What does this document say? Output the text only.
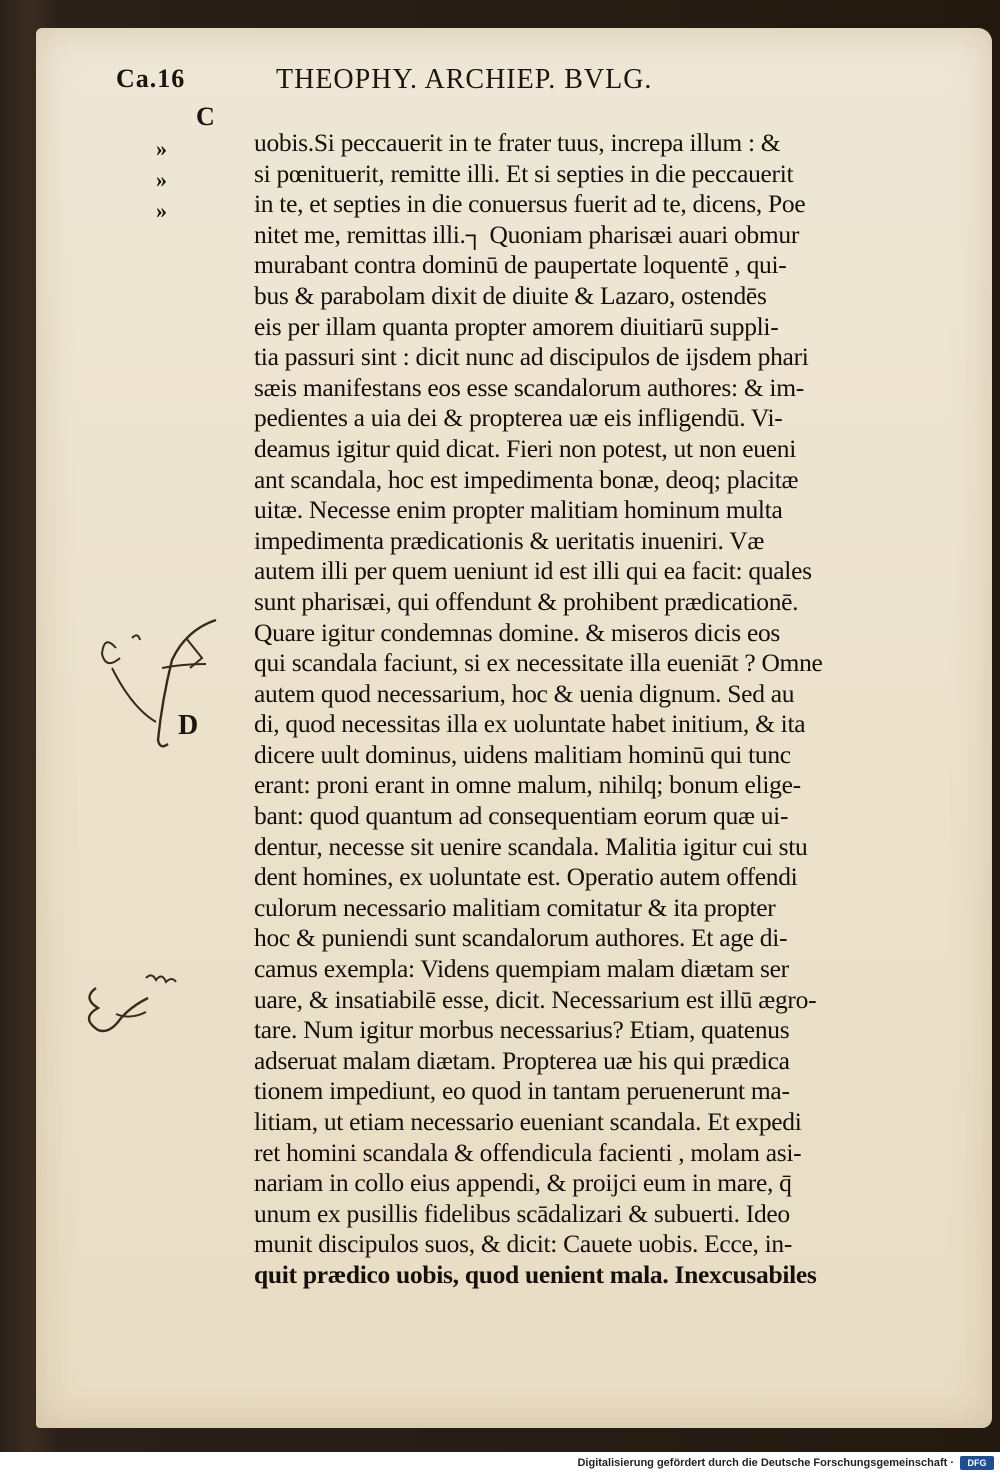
Ca.16	THEOPHY. ARCHIEP. BVLG.
C
»
»
»
D
uobis.Si peccauerit in te frater tuus, increpa illum : &
si pœnituerit, remitte illi. Et si septies in die peccauerit
in te, et septies in die conuersus fuerit ad te, dicens, Poe
nitet me, remittas illi.┐ Quoniam pharisæi auari obmur
murabant contra dominū de paupertate loquentē , qui-
bus & parabolam dixit de diuite & Lazaro, ostendēs
eis per illam quanta propter amorem diuitiarū suppli-
tia passuri sint : dicit nunc ad discipulos de ijsdem phari
sæis manifestans eos esse scandalorum authores: & im-
pedientes a uia dei & propterea uæ eis infligendū. Vi-
deamus igitur quid dicat. Fieri non potest, ut non eueni
ant scandala, hoc est impedimenta bonæ, deoq; placitæ
uitæ. Necesse enim propter malitiam hominum multa
impedimenta prædicationis & ueritatis inueniri. Væ
autem illi per quem ueniunt id est illi qui ea facit: quales
sunt pharisæi, qui offendunt & prohibent prædicationē.
Quare igitur condemnas domine. & miseros dicis eos
qui scandala faciunt, si ex necessitate illa eueniāt ? Omne
autem quod necessarium, hoc & uenia dignum. Sed au
di, quod necessitas illa ex uoluntate habet initium, & ita
dicere uult dominus, uidens malitiam hominū qui tunc
erant: proni erant in omne malum, nihilq; bonum elige-
bant: quod quantum ad consequentiam eorum quæ ui-
dentur, necesse sit uenire scandala. Malitia igitur cui stu
dent homines, ex uoluntate est. Operatio autem offendi
culorum necessario malitiam comitatur & ita propter
hoc & puniendi sunt scandalorum authores. Et age di-
camus exempla: Videns quempiam malam diætam ser
uare, & insatiabilē esse, dicit. Necessarium est illū ægro-
tare. Num igitur morbus necessarius? Etiam, quatenus
adseruat malam diætam. Propterea uæ his qui prædica
tionem impediunt, eo quod in tantam peruenerunt ma-
litiam, ut etiam necessario eueniant scandala. Et expedi
ret homini scandala & offendicula facienti , molam asi-
nariam in collo eius appendi, & proijci eum in mare, q̄
unum ex pusillis fidelibus scādalizari & subuerti. Ideo
munit discipulos suos, & dicit: Cauete uobis. Ecce, in-
quit prædico uobis, quod uenient mala. Inexcusabiles
Digitalisierung gefördert durch die Deutsche Forschungsgemeinschaft ·	DFG
